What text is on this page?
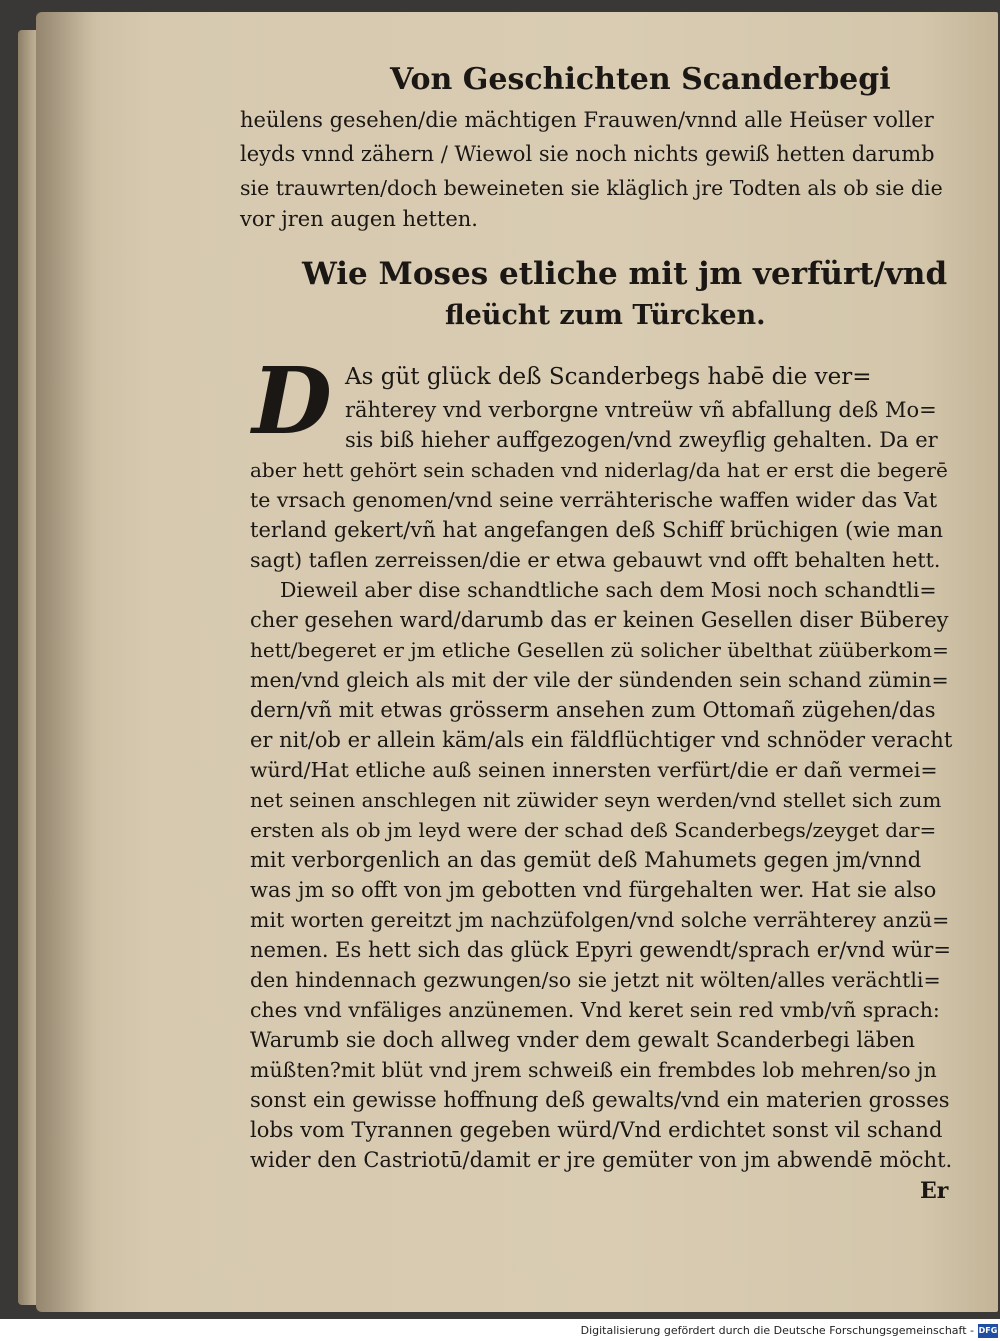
Von Geschichten Scanderbegi
heülens gesehen/die mächtigen Frauwen/vnnd alle Heüser voller
leyds vnnd zähern / Wiewol sie noch nichts gewiß hetten darumb
sie trauwrten/doch beweineten sie kläglich jre Todten als ob sie die
vor jren augen hetten.
Wie Moses etliche mit jm verfürt/vnd
fleücht zum Türcken.
D As güt glück deß Scanderbegs habē die ver=
rähterey vnd verborgne vntreüw vñ abfallung deß Mo=
sis biß hieher auffgezogen/vnd zweyflig gehalten. Da er
aber hett gehört sein schaden vnd niderlag/da hat er erst die begerē
te vrsach genomen/vnd seine verrähterische waffen wider das Vat
terland gekert/vñ hat angefangen deß Schiff brüchigen (wie man
sagt) taflen zerreissen/die er etwa gebauwt vnd offt behalten hett.
Dieweil aber dise schandtliche sach dem Mosi noch schandtli=
cher gesehen ward/darumb das er keinen Gesellen diser Büberey
hett/begeret er jm etliche Gesellen zü solicher übelthat züüberkom=
men/vnd gleich als mit der vile der sündenden sein schand zümin=
dern/vñ mit etwas grösserm ansehen zum Ottomañ zügehen/das
er nit/ob er allein käm/als ein fäldflüchtiger vnd schnöder veracht
würd/Hat etliche auß seinen innersten verfürt/die er dañ vermei=
net seinen anschlegen nit züwider seyn werden/vnd stellet sich zum
ersten als ob jm leyd were der schad deß Scanderbegs/zeyget dar=
mit verborgenlich an das gemüt deß Mahumets gegen jm/vnnd
was jm so offt von jm gebotten vnd fürgehalten wer. Hat sie also
mit worten gereitzt jm nachzüfolgen/vnd solche verrähterey anzü=
nemen. Es hett sich das glück Epyri gewendt/sprach er/vnd wür=
den hindennach gezwungen/so sie jetzt nit wölten/alles verächtli=
ches vnd vnfäliges anzünemen. Vnd keret sein red vmb/vñ sprach:
Warumb sie doch allweg vnder dem gewalt Scanderbegi läben
müßten?mit blüt vnd jrem schweiß ein frembdes lob mehren/so jn
sonst ein gewisse hoffnung deß gewalts/vnd ein materien grosses
lobs vom Tyrannen gegeben würd/Vnd erdichtet sonst vil schand
wider den Castriotū/damit er jre gemüter von jm abwendē möcht.
Er
Digitalisierung gefördert durch die Deutsche Forschungsgemeinschaft - DFG
